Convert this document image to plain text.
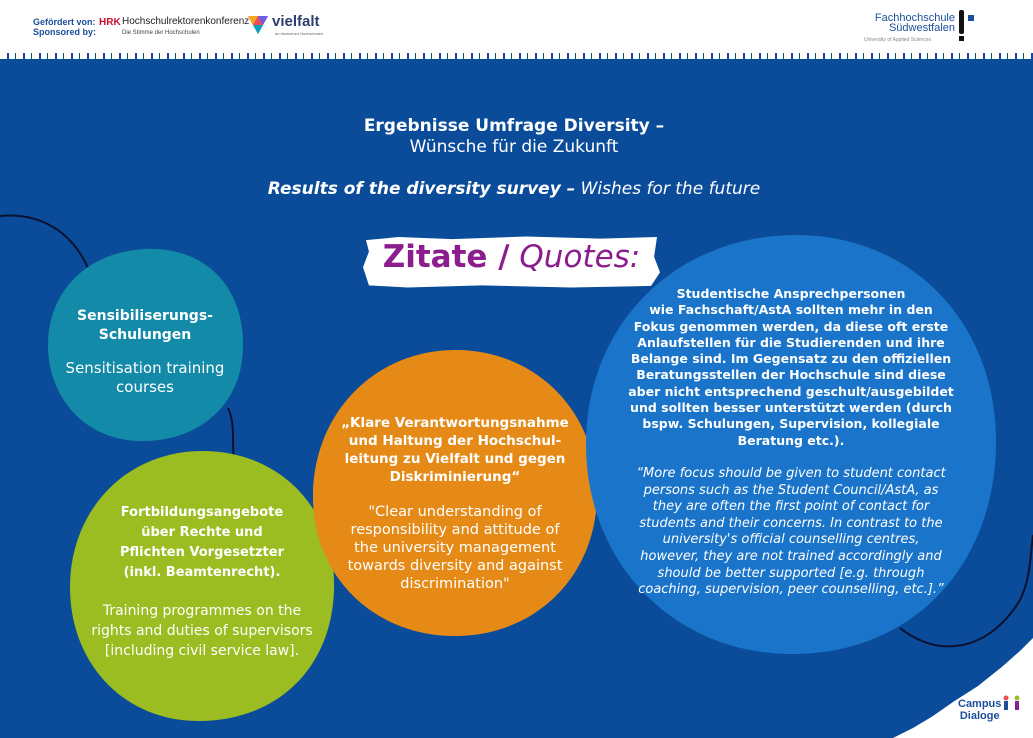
Gefördert von:
Sponsored by:
HRK Hochschulrektorenkonferenz
Die Stimme der Hochschulen
vielfalt
an deutschen Hochschulen
Fachhochschule
Südwestfalen
University of Applied Sciences
Ergebnisse Umfrage Diversity –
Wünsche für die Zukunft
Results of the diversity survey – Wishes for the future
Zitate / Quotes:
Sensibiliserungs-
Schulungen
Sensitisation training
courses
Fortbildungsangebote
über Rechte und
Pflichten Vorgesetzter
(inkl. Beamtenrecht).
Training programmes on the
rights and duties of supervisors
[including civil service law].
„Klare Verantwortungsnahme
und Haltung der Hochschul-
leitung zu Vielfalt und gegen
Diskriminierung“
"Clear understanding of
responsibility and attitude of
the university management
towards diversity and against
discrimination"
Studentische Ansprechpersonen
wie Fachschaft/AstA sollten mehr in den
Fokus genommen werden, da diese oft erste
Anlaufstellen für die Studierenden und ihre
Belange sind. Im Gegensatz zu den offiziellen
Beratungsstellen der Hochschule sind diese
aber nicht entsprechend geschult/ausgebildet
und sollten besser unterstützt werden (durch
bspw. Schulungen, Supervision, kollegiale
Beratung etc.).
“More focus should be given to student contact
persons such as the Student Council/AstA, as
they are often the first point of contact for
students and their concerns. In contrast to the
university's official counselling centres,
however, they are not trained accordingly and
should be better supported [e.g. through
coaching, supervision, peer counselling, etc.].”
Campus
Dialoge
